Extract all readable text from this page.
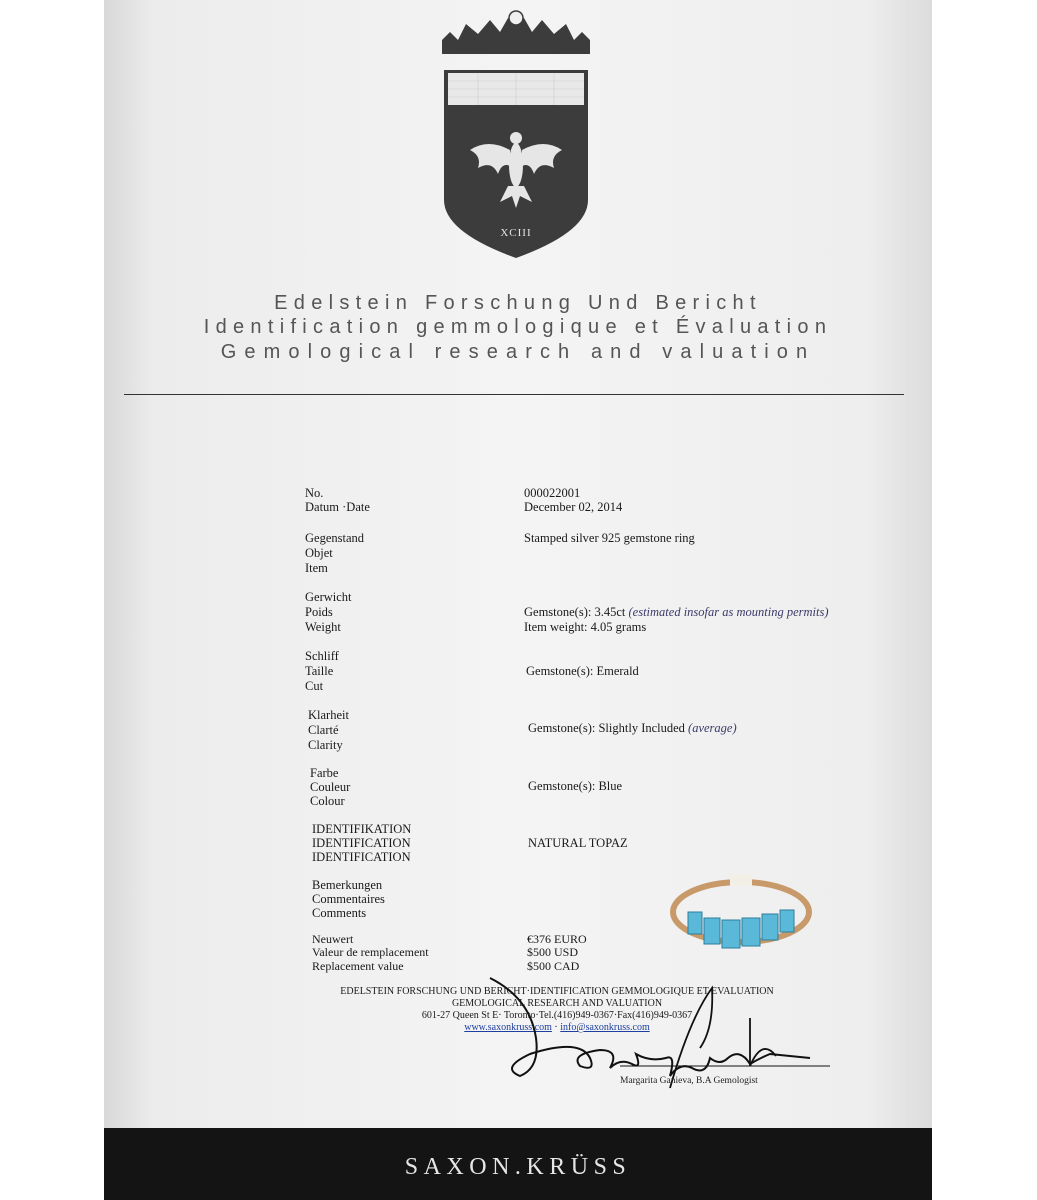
XCIII
Edelstein Forschung Und Bericht
Identification gemmologique et Évaluation
Gemological research and valuation
No.
Datum ·Date
000022001
December 02, 2014
Gegenstand
Objet
Item
Stamped silver 925 gemstone ring
Gerwicht
Poids
Weight
Gemstone(s): 3.45ct (estimated insofar as mounting permits)
Item weight: 4.05 grams
Schliff
Taille
Cut
Gemstone(s): Emerald
Klarheit
Clarté
Clarity
Gemstone(s): Slightly Included (average)
Farbe
Couleur
Colour
Gemstone(s): Blue
IDENTIFIKATION
IDENTIFICATION
IDENTIFICATION
NATURAL TOPAZ
Bemerkungen
Commentaires
Comments
Neuwert
Valeur de remplacement
Replacement value
€376 EURO
$500 USD
$500 CAD
EDELSTEIN FORSCHUNG UND BERICHT·IDENTIFICATION GEMMOLOGIQUE ET EVALUATION
GEMOLOGICAL RESEARCH AND VALUATION
601-27 Queen St E· Toronto·Tel.(416)949-0367·Fax(416)949-0367
www.saxonkruss.com · info@saxonkruss.com
Margarita Ganieva, B.A Gemologist
SAXON.KRÜSS
